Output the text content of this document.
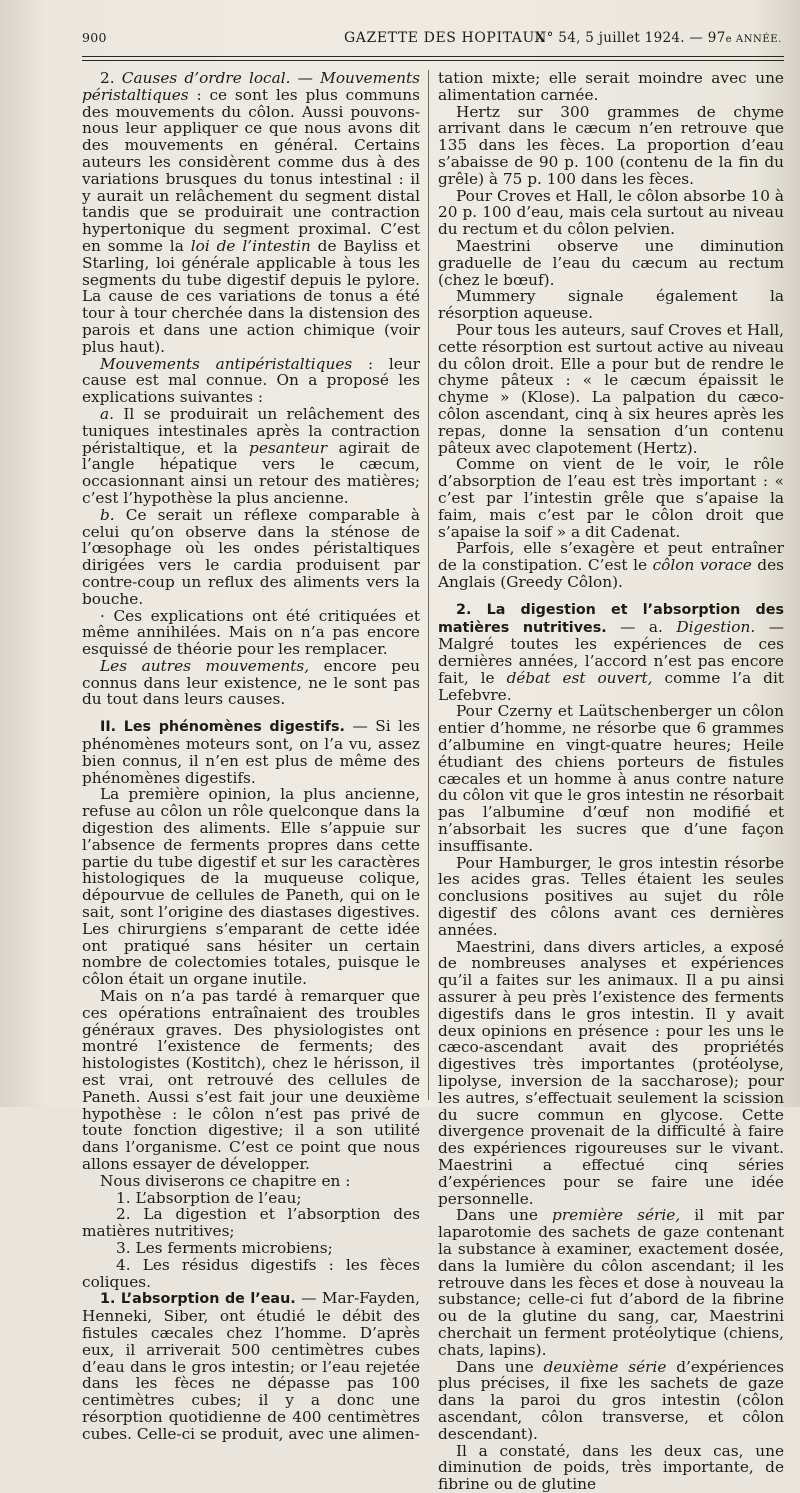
900	GAZETTE DES HOPITAUX
N° 54, 5 juillet 1924. — 97e ANNÉE.

2. Causes d’ordre local. — Mouvements péristaltiques : ce sont les plus communs des mouvements du côlon. Aussi pouvons-nous leur appliquer ce que nous avons dit des mouvements en général. Certains auteurs les considèrent comme dus à des variations brusques du tonus intestinal : il y aurait un relâchement du segment distal tandis que se produirait une contraction hypertonique du segment proximal. C’est en somme la loi de l’intestin de Bayliss et Starling, loi générale applicable à tous les segments du tube digestif depuis le pylore. La cause de ces variations de tonus a été tour à tour cherchée dans la distension des parois et dans une action chimique (voir plus haut).

Mouvements antipéristaltiques : leur cause est mal connue. On a proposé les explications suivantes :

a. Il se produirait un relâchement des tuniques intestinales après la contraction péristaltique, et la pesanteur agirait de l’angle hépatique vers le cæcum, occasionnant ainsi un retour des matières; c’est l’hypothèse la plus ancienne.

b. Ce serait un réflexe comparable à celui qu’on observe dans la sténose de l’œsophage où les ondes péristaltiques dirigées vers le cardia produisent par contre-coup un reflux des aliments vers la bouche.

· Ces explications ont été critiquées et même annihilées. Mais on n’a pas encore esquissé de théorie pour les remplacer.

Les autres mouvements, encore peu connus dans leur existence, ne le sont pas du tout dans leurs causes.

II. Les phénomènes digestifs. — Si les phénomènes moteurs sont, on l’a vu, assez bien connus, il n’en est plus de même des phénomènes digestifs.

La première opinion, la plus ancienne, refuse au côlon un rôle quelconque dans la digestion des aliments. Elle s’appuie sur l’absence de ferments propres dans cette partie du tube digestif et sur les caractères histologiques de la muqueuse colique, dépourvue de cellules de Paneth, qui on le sait, sont l’origine des diastases digestives. Les chirurgiens s’emparant de cette idée ont pratiqué sans hésiter un certain nombre de colectomies totales, puisque le côlon était un organe inutile.

Mais on n’a pas tardé à remarquer que ces opérations entraînaient des troubles généraux graves. Des physiologistes ont montré l’existence de ferments; des histologistes (Kostitch), chez le hérisson, il est vrai, ont retrouvé des cellules de Paneth. Aussi s’est fait jour une deuxième hypothèse : le côlon n’est pas privé de toute fonction digestive; il a son utilité dans l’organisme. C’est ce point que nous allons essayer de développer.

Nous diviserons ce chapitre en :

1. L’absorption de l’eau;

2. La digestion et l’absorption des matières nutritives;

3. Les ferments microbiens;

4. Les résidus digestifs : les fèces coliques.

1. L’absorption de l’eau. — Mar-Fayden, Henneki, Siber, ont étudié le débit des fistules cæcales chez l’homme. D’après eux, il arriverait 500 centimètres cubes d’eau dans le gros intestin; or l’eau rejetée dans les fèces ne dépasse pas 100 centimètres cubes; il y a donc une résorption quotidienne de 400 centimètres cubes. Celle-ci se produit, avec une alimen-

tation mixte; elle serait moindre avec une alimentation carnée.

Hertz sur 300 grammes de chyme arrivant dans le cæcum n’en retrouve que 135 dans les fèces. La proportion d’eau s’abaisse de 90 p. 100 (contenu de la fin du grêle) à 75 p. 100 dans les fèces.

Pour Croves et Hall, le côlon absorbe 10 à 20 p. 100 d’eau, mais cela surtout au niveau du rectum et du côlon pelvien.

Maestrini observe une diminution graduelle de l’eau du cæcum au rectum (chez le bœuf).

Mummery signale également la résorption aqueuse.

Pour tous les auteurs, sauf Croves et Hall, cette résorption est surtout active au niveau du côlon droit. Elle a pour but de rendre le chyme pâteux : « le cæcum épaissit le chyme » (Klose). La palpation du cæco-côlon ascendant, cinq à six heures après les repas, donne la sensation d’un contenu pâteux avec clapotement (Hertz).

Comme on vient de le voir, le rôle d’absorption de l’eau est très important : « c’est par l’intestin grêle que s’apaise la faim, mais c’est par le côlon droit que s’apaise la soif » a dit Cadenat.

Parfois, elle s’exagère et peut entraîner de la constipation. C’est le côlon vorace des Anglais (Greedy Côlon).

2. La digestion et l’absorption des matières nutritives. — a. Digestion. — Malgré toutes les expériences de ces dernières années, l’accord n’est pas encore fait, le débat est ouvert, comme l’a dit Lefebvre.

Pour Czerny et Laütschenberger un côlon entier d’homme, ne résorbe que 6 grammes d’albumine en vingt-quatre heures; Heile étudiant des chiens porteurs de fistules cæcales et un homme à anus contre nature du côlon vit que le gros intestin ne résorbait pas l’albumine d’œuf non modifié et n’absorbait les sucres que d’une façon insuffisante.

Pour Hamburger, le gros intestin résorbe les acides gras. Telles étaient les seules conclusions positives au sujet du rôle digestif des côlons avant ces dernières années.

Maestrini, dans divers articles, a exposé de nombreuses analyses et expériences qu’il a faites sur les animaux. Il a pu ainsi assurer à peu près l’existence des ferments digestifs dans le gros intestin. Il y avait deux opinions en présence : pour les uns le cæco-ascendant avait des propriétés digestives très importantes (protéolyse, lipolyse, inversion de la saccharose); pour les autres, s’effectuait seulement la scission du sucre commun en glycose. Cette divergence provenait de la difficulté à faire des expériences rigoureuses sur le vivant. Maestrini a effectué cinq séries d’expériences pour se faire une idée personnelle.

Dans une première série, il mit par laparotomie des sachets de gaze contenant la substance à examiner, exactement dosée, dans la lumière du côlon ascendant; il les retrouve dans les fèces et dose à nouveau la substance; celle-ci fut d’abord de la fibrine ou de la glutine du sang, car, Maestrini cherchait un ferment protéolytique (chiens, chats, lapins).

Dans une deuxième série d’expériences plus précises, il fixe les sachets de gaze dans la paroi du gros intestin (côlon ascendant, côlon transverse, et côlon descendant).

Il a constaté, dans les deux cas, une diminution de poids, très importante, de fibrine ou de glutine
